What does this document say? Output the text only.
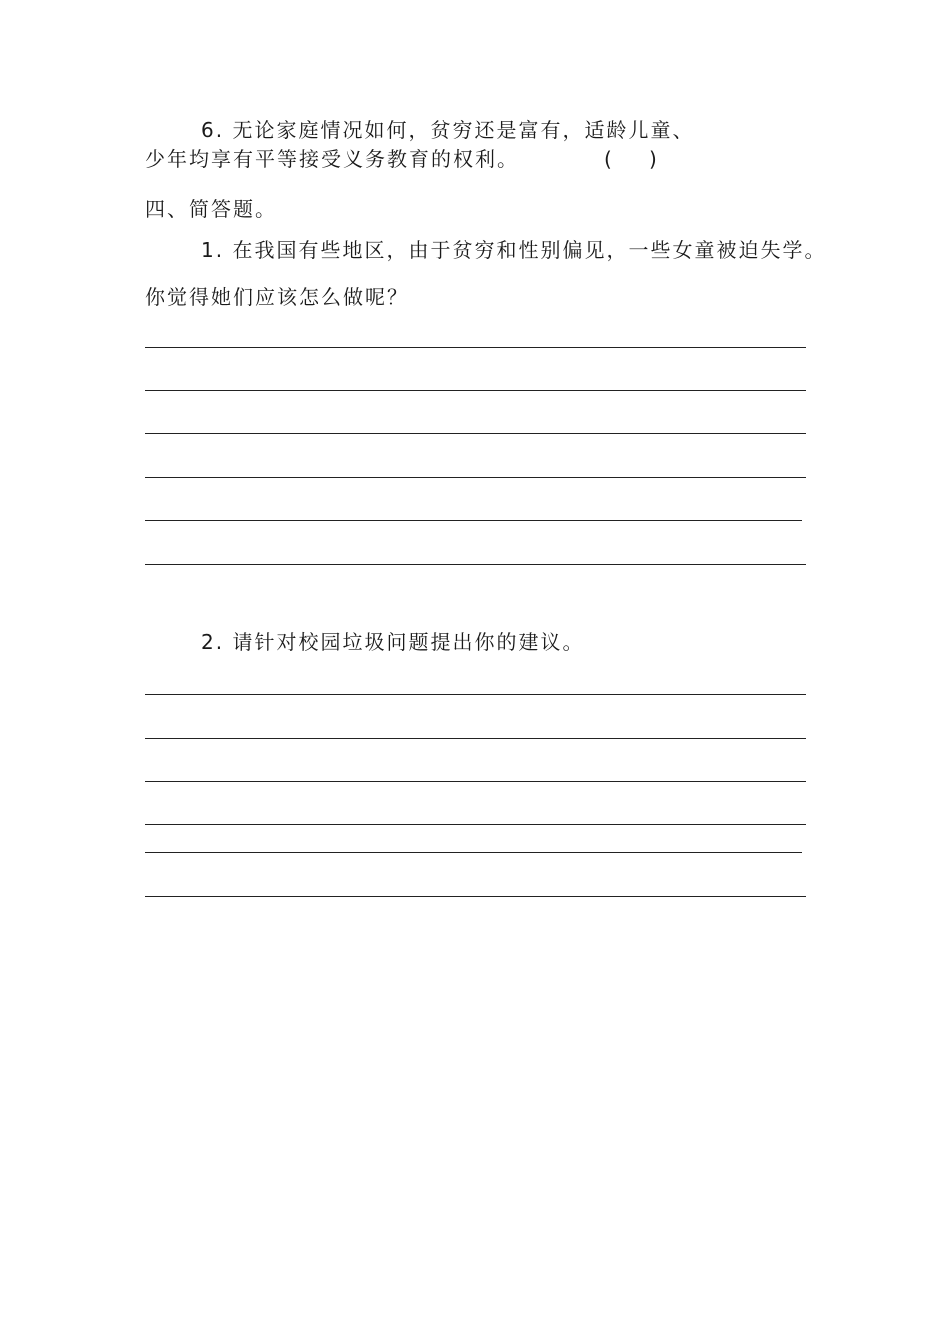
6. 无论家庭情况如何，贫穷还是富有，适龄儿童、
少年均享有平等接受义务教育的权利。	( )
四、简答题。
1. 在我国有些地区，由于贫穷和性别偏见，一些女童被迫失学。
你觉得她们应该怎么做呢？
2. 请针对校园垃圾问题提出你的建议。
